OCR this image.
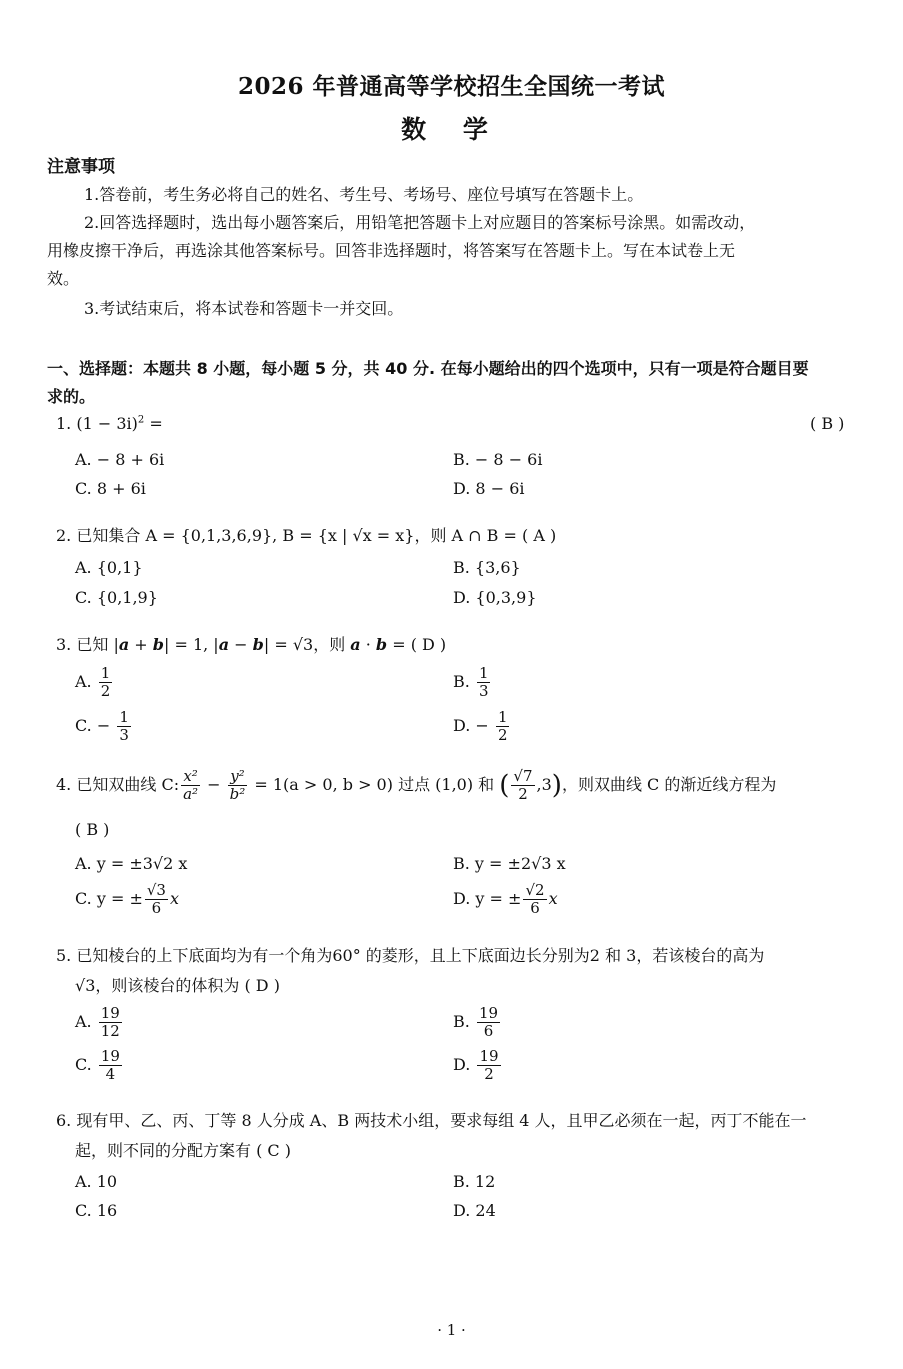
2026 年普通高等学校招生全国统一考试
数 学
注意事项
1.答卷前，考生务必将自己的姓名、考生号、考场号、座位号填写在答题卡上。
2.回答选择题时，选出每小题答案后，用铅笔把答题卡上对应题目的答案标号涂黑。如需改动，
用橡皮擦干净后，再选涂其他答案标号。回答非选择题时，将答案写在答题卡上。写在本试卷上无
效。
3.考试结束后，将本试卷和答题卡一并交回。
一、选择题：本题共 8 小题，每小题 5 分，共 40 分. 在每小题给出的四个选项中，只有一项是符合题目要
求的。
1. $(1 - 3i)^2$ =	( B )
A. − 8 + 6i	B. − 8 − 6i
C. 8 + 6i	D. 8 − 6i
2. 已知集合 A = {0,1,3,6,9}, B = {x | √x = x}，则 A ∩ B = ( A )
A. {0,1}	B. {3,6}
C. {0,1,9}	D. {0,3,9}
3. 已知 |a + b| = 1, |a − b| = √3，则 a · b = ( D )
A. $\frac{1}{2}$	B. $\frac{1}{3}$
C. − $\frac{1}{3}$	D. − $\frac{1}{2}$
4. 已知双曲线 C: $\frac{\text{x²}}{\text{a²}} - \frac{\text{y²}}{\text{b²}} = 1(a > 0$, b > 0) 过点 (1,0) 和 ( $\frac{√7}{2} ,3$)，则双曲线 C 的渐近线方程为
( B )
A. y = ±3√2 x	B. y = ±2√3 x
C. y = ± $\frac{√3}{6}$ x	D. y = ± $\frac{√2}{6}$ x
5. 已知棱台的上下底面均为有一个角为60° 的菱形，且上下底面边长分别为2 和 3，若该棱台的高为
√3，则该棱台的体积为 ( D )
A. $\frac{19}{12}$	B. $\frac{19}{6}$
C. $\frac{19}{4}$	D. $\frac{19}{2}$
6. 现有甲、乙、丙、丁等 8 人分成 A、B 两技术小组，要求每组 4 人，且甲乙必须在一起，丙丁不能在一
起，则不同的分配方案有 ( C )
A. 10	B. 12
C. 16	D. 24
· 1 ·
